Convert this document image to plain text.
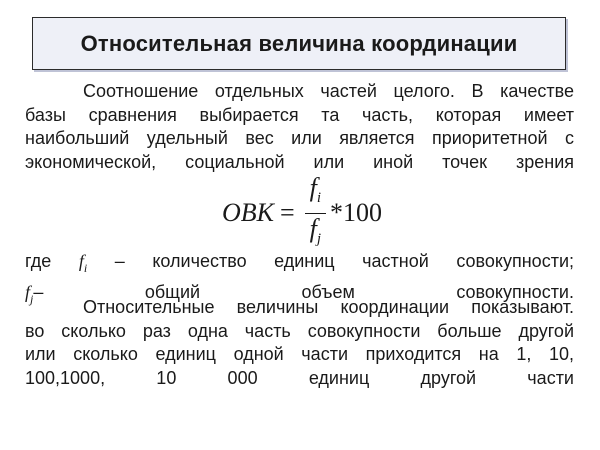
Относительная величина координации
Соотношение отдельных частей целого. В качестве
базы сравнения выбирается та часть, которая имеет
наибольший удельный вес или является приоритетной с
экономической, социальной или иной точек зрения
ОВК = $\frac{f_i}{f_j} *100$
где $f_i$ – количество единиц частной совокупности;
$f_j-$ общий объем совокупности.
Относительные величины координации показывают.
во сколько раз одна часть совокупности больше другой
или сколько единиц одной части приходится на 1, 10,
100,1000, 10 000 единиц другой части
